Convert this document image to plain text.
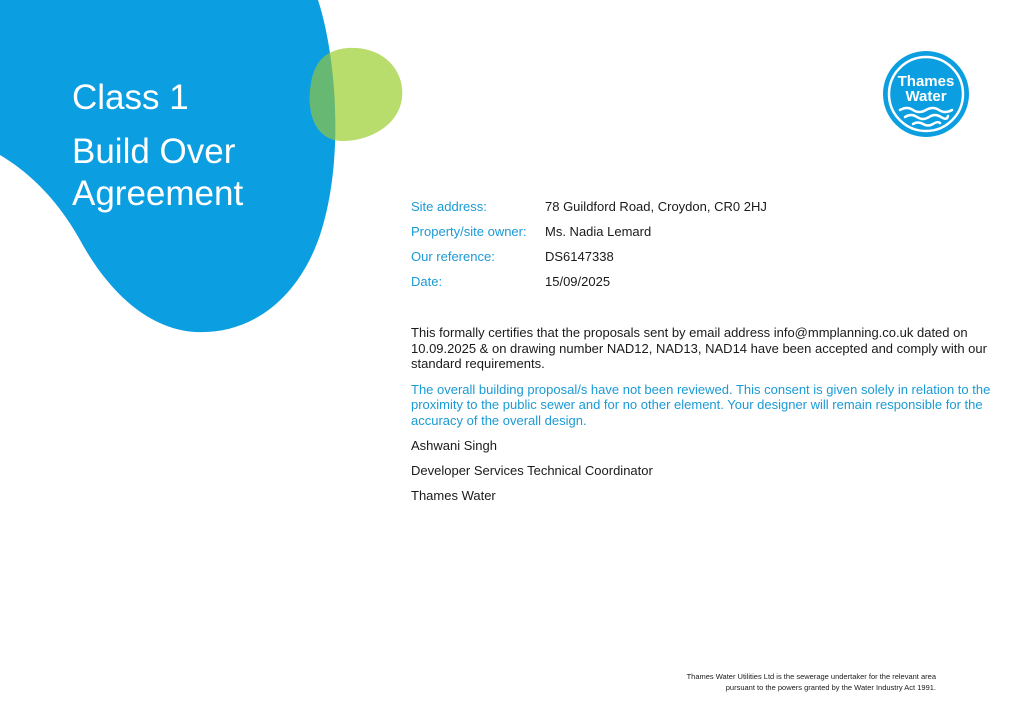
Class 1
Build Over Agreement
Thames
Water
Site address:	78 Guildford Road, Croydon, CR0 2HJ
Property/site owner: Ms. Nadia Lemard
Our reference:	DS6147338
Date:	15/09/2025

This formally certifies that the proposals sent by email address info@mmplanning.co.uk dated on 10.09.2025 & on drawing number NAD12, NAD13, NAD14 have been accepted and comply with our standard requirements.

The overall building proposal/s have not been reviewed. This consent is given solely in relation to the proximity to the public sewer and for no other element. Your designer will remain responsible for the accuracy of the overall design.

Ashwani Singh

Developer Services Technical Coordinator

Thames Water

Thames Water Utilities Ltd is the sewerage undertaker for the relevant area
pursuant to the powers granted by the Water Industry Act 1991.
